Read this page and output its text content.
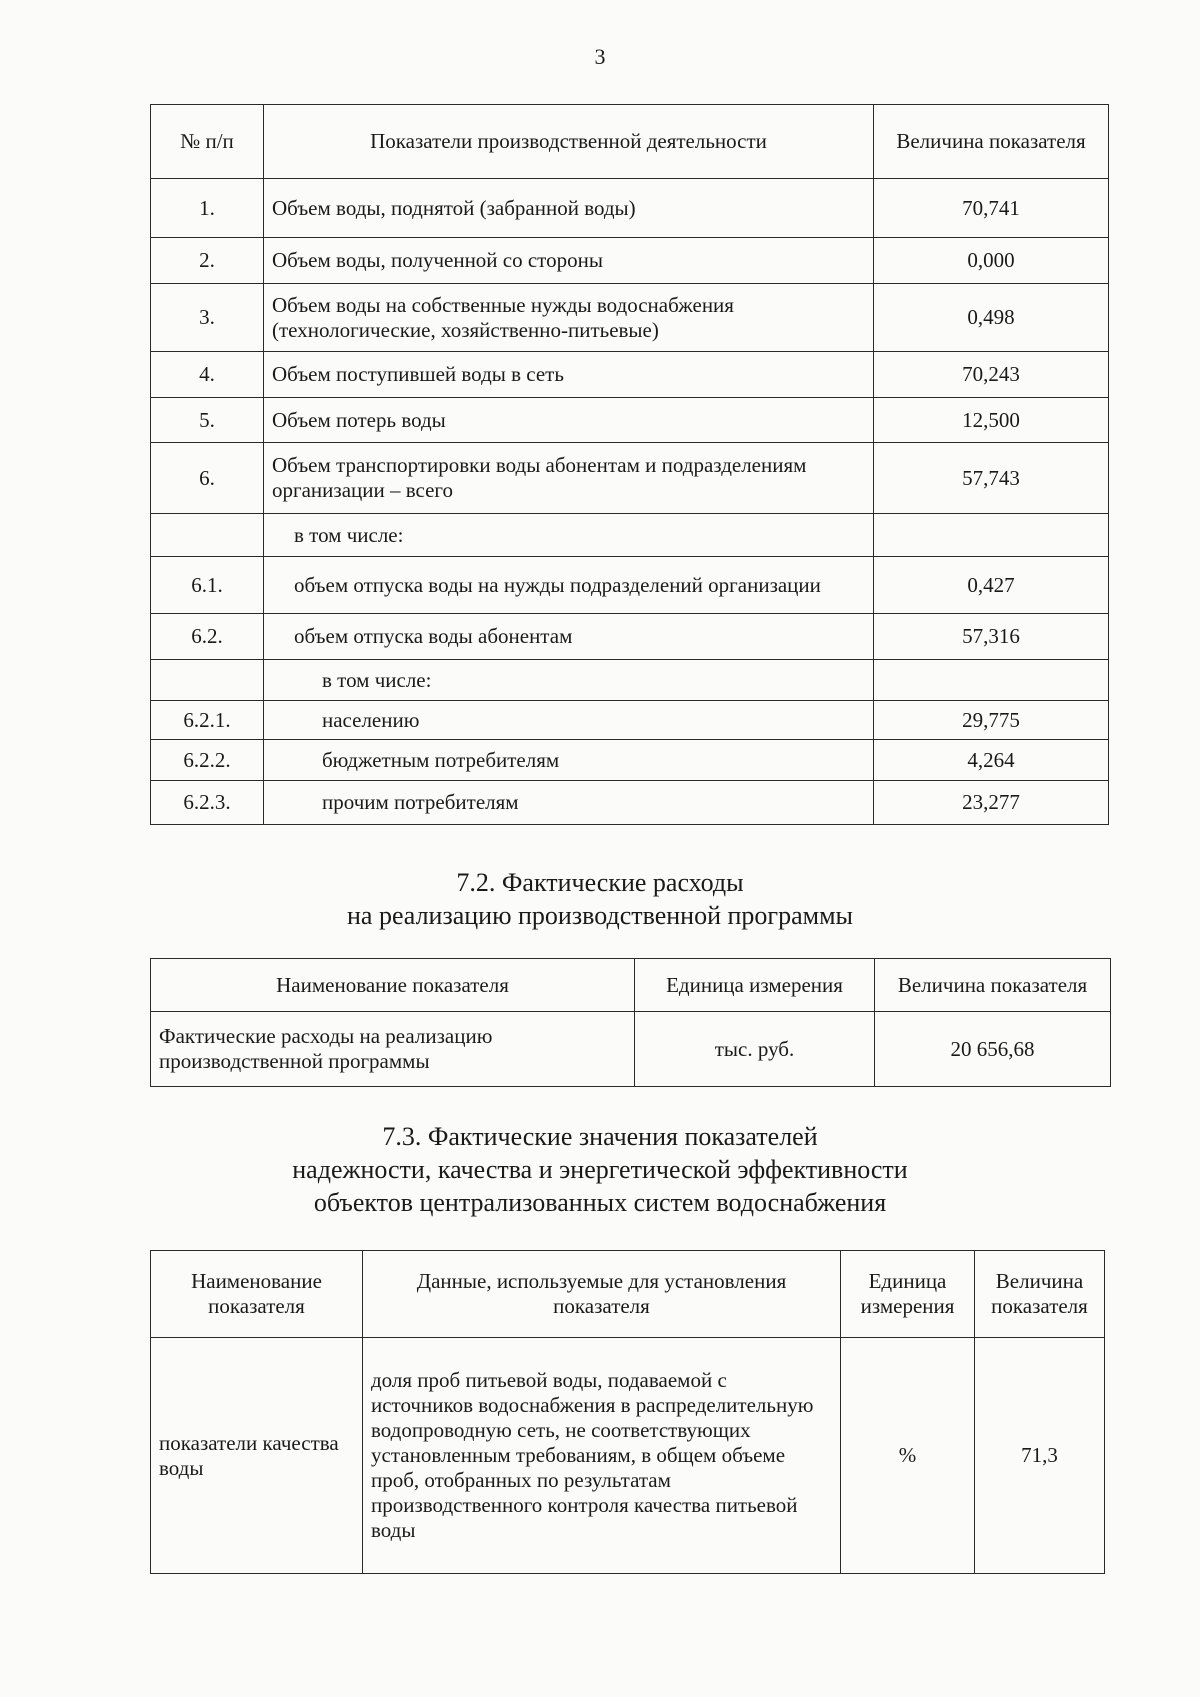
3
№ п/п	Показатели производственной деятельности	Величина показателя
1.	Объем воды, поднятой (забранной воды)	70,741
2.	Объем воды, полученной со стороны	0,000
3.	Объем воды на собственные нужды водоснабжения (технологические, хозяйственно-питьевые)	0,498
4.	Объем поступившей воды в сеть	70,243
5.	Объем потерь воды	12,500
6.	Объем транспортировки воды абонентам и подразделениям организации – всего	57,743
	в том числе:	
6.1.	объем отпуска воды на нужды подразделений организации	0,427
6.2.	объем отпуска воды абонентам	57,316
	в том числе:	
6.2.1.	населению	29,775
6.2.2.	бюджетным потребителям	4,264
6.2.3.	прочим потребителям	23,277
7.2. Фактические расходы
на реализацию производственной программы
Наименование показателя	Единица измерения	Величина показателя
Фактические расходы на реализацию производственной программы	тыс. руб.	20 656,68
7.3. Фактические значения показателей
надежности, качества и энергетической эффективности
объектов централизованных систем водоснабжения
Наименование показателя	Данные, используемые для установления показателя	Единица измерения	Величина показателя
показатели качества воды	доля проб питьевой воды, подаваемой с источников водоснабжения в распределительную водопроводную сеть, не соответствующих установленным требованиям, в общем объеме проб, отобранных по результатам производственного контроля качества питьевой воды	%	71,3
